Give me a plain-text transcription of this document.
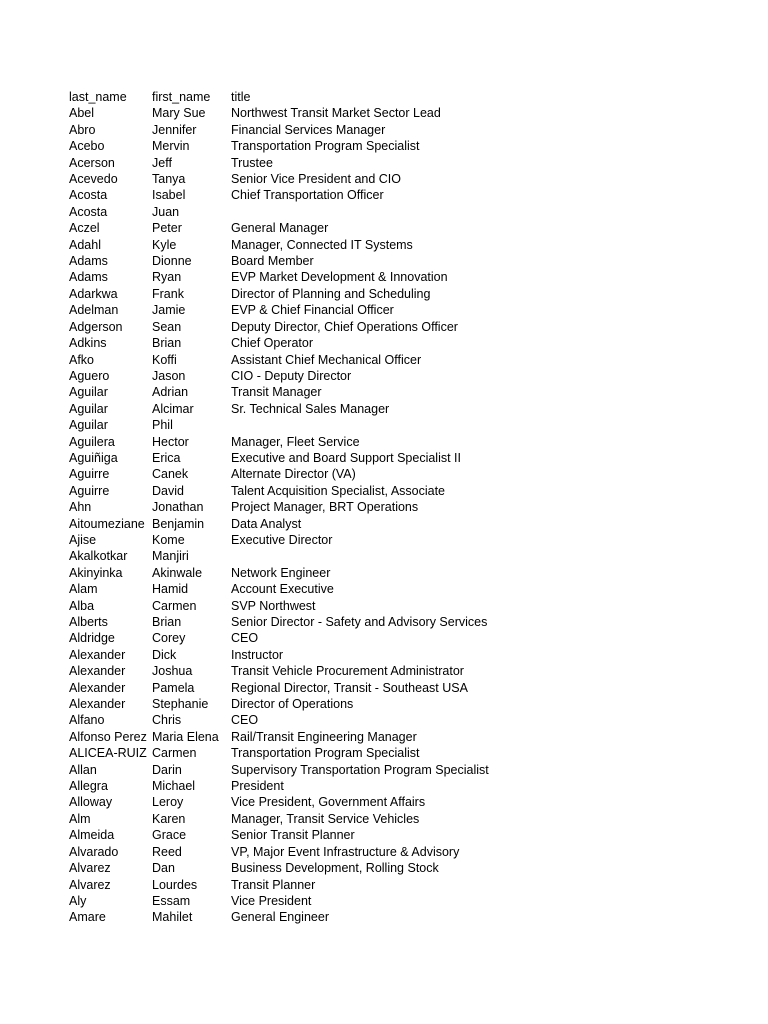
last_name	first_name	title
Abel	Mary Sue	Northwest Transit Market Sector Lead
Abro	Jennifer	Financial Services Manager
Acebo	Mervin	Transportation Program Specialist
Acerson	Jeff	Trustee
Acevedo	Tanya	Senior Vice President and CIO
Acosta	Isabel	Chief Transportation Officer
Acosta	Juan	
Aczel	Peter	General Manager
Adahl	Kyle	Manager, Connected IT Systems
Adams	Dionne	Board Member
Adams	Ryan	EVP Market Development & Innovation
Adarkwa	Frank	Director of Planning and Scheduling
Adelman	Jamie	EVP & Chief Financial Officer
Adgerson	Sean	Deputy Director, Chief Operations Officer
Adkins	Brian	Chief Operator
Afko	Koffi	Assistant Chief Mechanical Officer
Aguero	Jason	CIO - Deputy Director
Aguilar	Adrian	Transit Manager
Aguilar	Alcimar	Sr. Technical Sales Manager
Aguilar	Phil	
Aguilera	Hector	Manager, Fleet Service
Aguiñiga	Erica	Executive and Board Support Specialist II
Aguirre	Canek	Alternate Director (VA)
Aguirre	David	Talent Acquisition Specialist, Associate
Ahn	Jonathan	Project Manager, BRT Operations
Aitoumeziane	Benjamin	Data Analyst
Ajise	Kome	Executive Director
Akalkotkar	Manjiri	
Akinyinka	Akinwale	Network Engineer
Alam	Hamid	Account Executive
Alba	Carmen	SVP Northwest
Alberts	Brian	Senior Director - Safety and Advisory Services
Aldridge	Corey	CEO
Alexander	Dick	Instructor
Alexander	Joshua	Transit Vehicle Procurement Administrator
Alexander	Pamela	Regional Director, Transit - Southeast USA
Alexander	Stephanie	Director of Operations
Alfano	Chris	CEO
Alfonso Perez	Maria Elena	Rail/Transit Engineering Manager
ALICEA-RUIZ	Carmen	Transportation Program Specialist
Allan	Darin	Supervisory Transportation Program Specialist
Allegra	Michael	President
Alloway	Leroy	Vice President, Government Affairs
Alm	Karen	Manager, Transit Service Vehicles
Almeida	Grace	Senior Transit Planner
Alvarado	Reed	VP, Major Event Infrastructure & Advisory
Alvarez	Dan	Business Development, Rolling Stock
Alvarez	Lourdes	Transit Planner
Aly	Essam	Vice President
Amare	Mahilet	General Engineer
